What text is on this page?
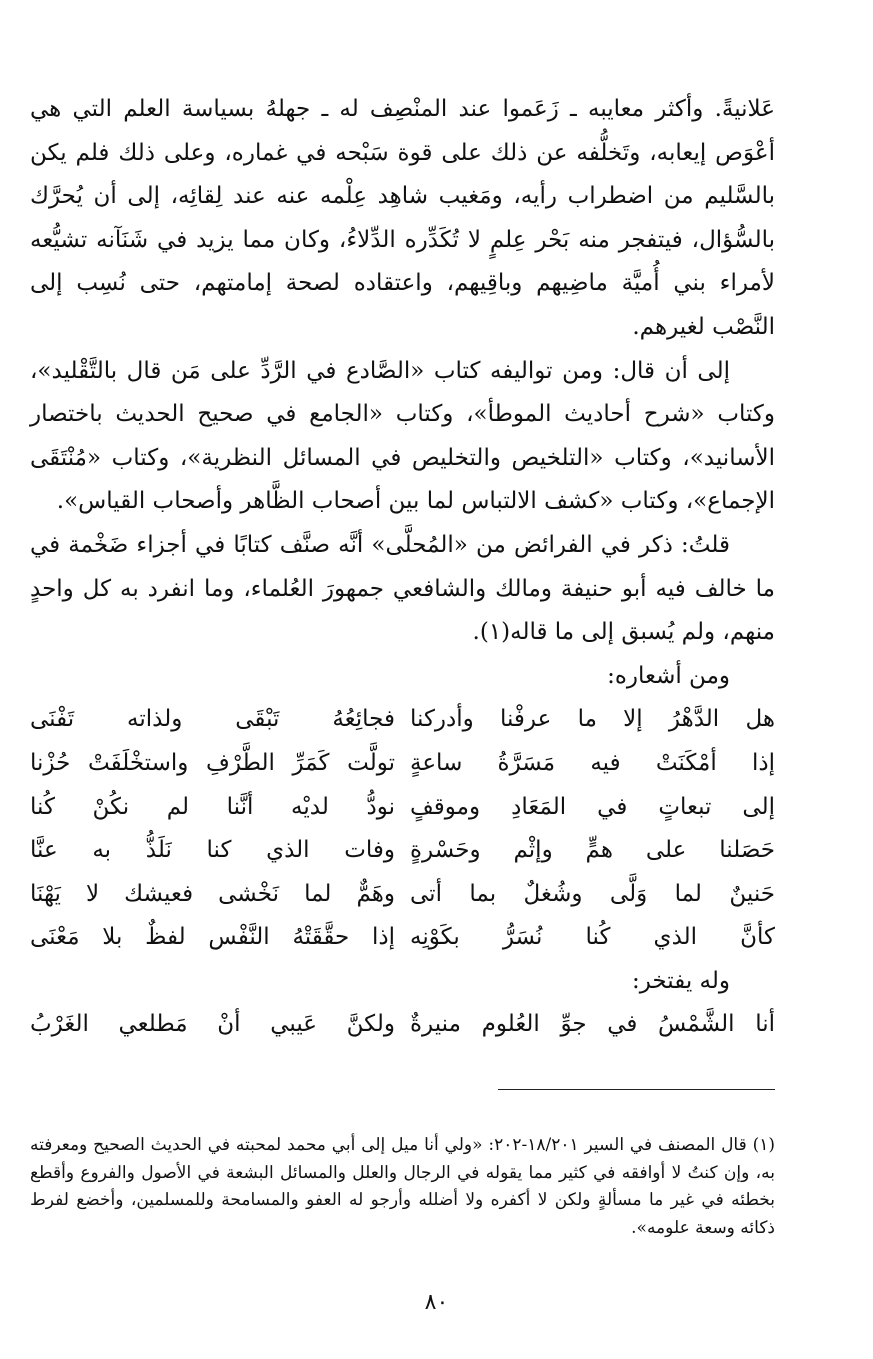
عَلانيةً. وأكثر معايبه ـ زَعَموا عند المنْصِف له ـ جهلهُ بسياسة العلم التي هي أعْوَص إيعابه، وتَخلُّفه عن ذلك على قوة سَبْحه في غماره، وعلى ذلك فلم يكن بالسَّليم من اضطراب رأيه، ومَغيب شاهِد عِلْمه عنه عند لِقائِه، إلى أن يُحرَّك بالسُّؤال، فيتفجر منه بَحْر عِلمٍ لا تُكَدِّره الدِّلاءُ، وكان مما يزيد في شَنَآنه تشيُّعه لأمراء بني أُميَّة ماضِيهم وباقِيهم، واعتقاده لصحة إمامتهم، حتى نُسِب إلى النَّصْب لغيرهم.

إلى أن قال: ومن تواليفه كتاب «الصَّادع في الرَّدِّ على مَن قال بالتَّقْليد»، وكتاب «شرح أحاديث الموطأ»، وكتاب «الجامع في صحيح الحديث باختصار الأسانيد»، وكتاب «التلخيص والتخليص في المسائل النظرية»، وكتاب «مُنْتَقَى الإجماع»، وكتاب «كشف الالتباس لما بين أصحاب الظَّاهر وأصحاب القياس».

قلتُ: ذكر في الفرائض من «المُحلَّى» أنَّه صنَّف كتابًا في أجزاء ضَخْمة في ما خالف فيه أبو حنيفة ومالك والشافعي جمهورَ العُلماء، وما انفرد به كل واحدٍ منهم، ولم يُسبق إلى ما قاله(١).

ومن أشعاره:

هل الدَّهْرُ إلا ما عرفْنا وأدركنا
فجائِعُهُ تَبْقَى ولذاته تَفْنَى
إذا أمْكَنَتْ فيه مَسَرَّةُ ساعةٍ
تولَّت كَمَرِّ الطَّرْفِ واستخْلَفَتْ حُزْنا
إلى تبعاتٍ في المَعَادِ وموقفٍ
نودُّ لديْه أنَّنا لم نكُنْ كُنا
حَصَلنا على همٍّ وإثْم وحَسْرةٍ
وفات الذي كنا نَلَذُّ به عنَّا
حَنينٌ لما وَلَّى وشُغلٌ بما أتى
وهَمٌّ لما نَخْشى فعيشك لا يَهْنَا
كأنَّ الذي كُنا نُسَرُّ بكَوْنِه
إذا حقَّقَتْهُ النَّفْس لفظٌ بلا مَعْنَى

وله يفتخر:

أنا الشَّمْسُ في جوِّ العُلوم منيرةٌ
ولكنَّ عَيبي أنْ مَطلعي الغَرْبُ

(١) قال المصنف في السير ١٨/٢٠١-٢٠٢: «ولي أنا ميل إلى أبي محمد لمحبته في الحديث الصحيح ومعرفته به، وإن كنتُ لا أوافقه في كثير مما يقوله في الرجال والعلل والمسائل البشعة في الأصول والفروع وأقطع بخطئه في غير ما مسألةٍ ولكن لا أكفره ولا أضلله وأرجو له العفو والمسامحة وللمسلمين، وأخضع لفرط ذكائه وسعة علومه».

٨٠
